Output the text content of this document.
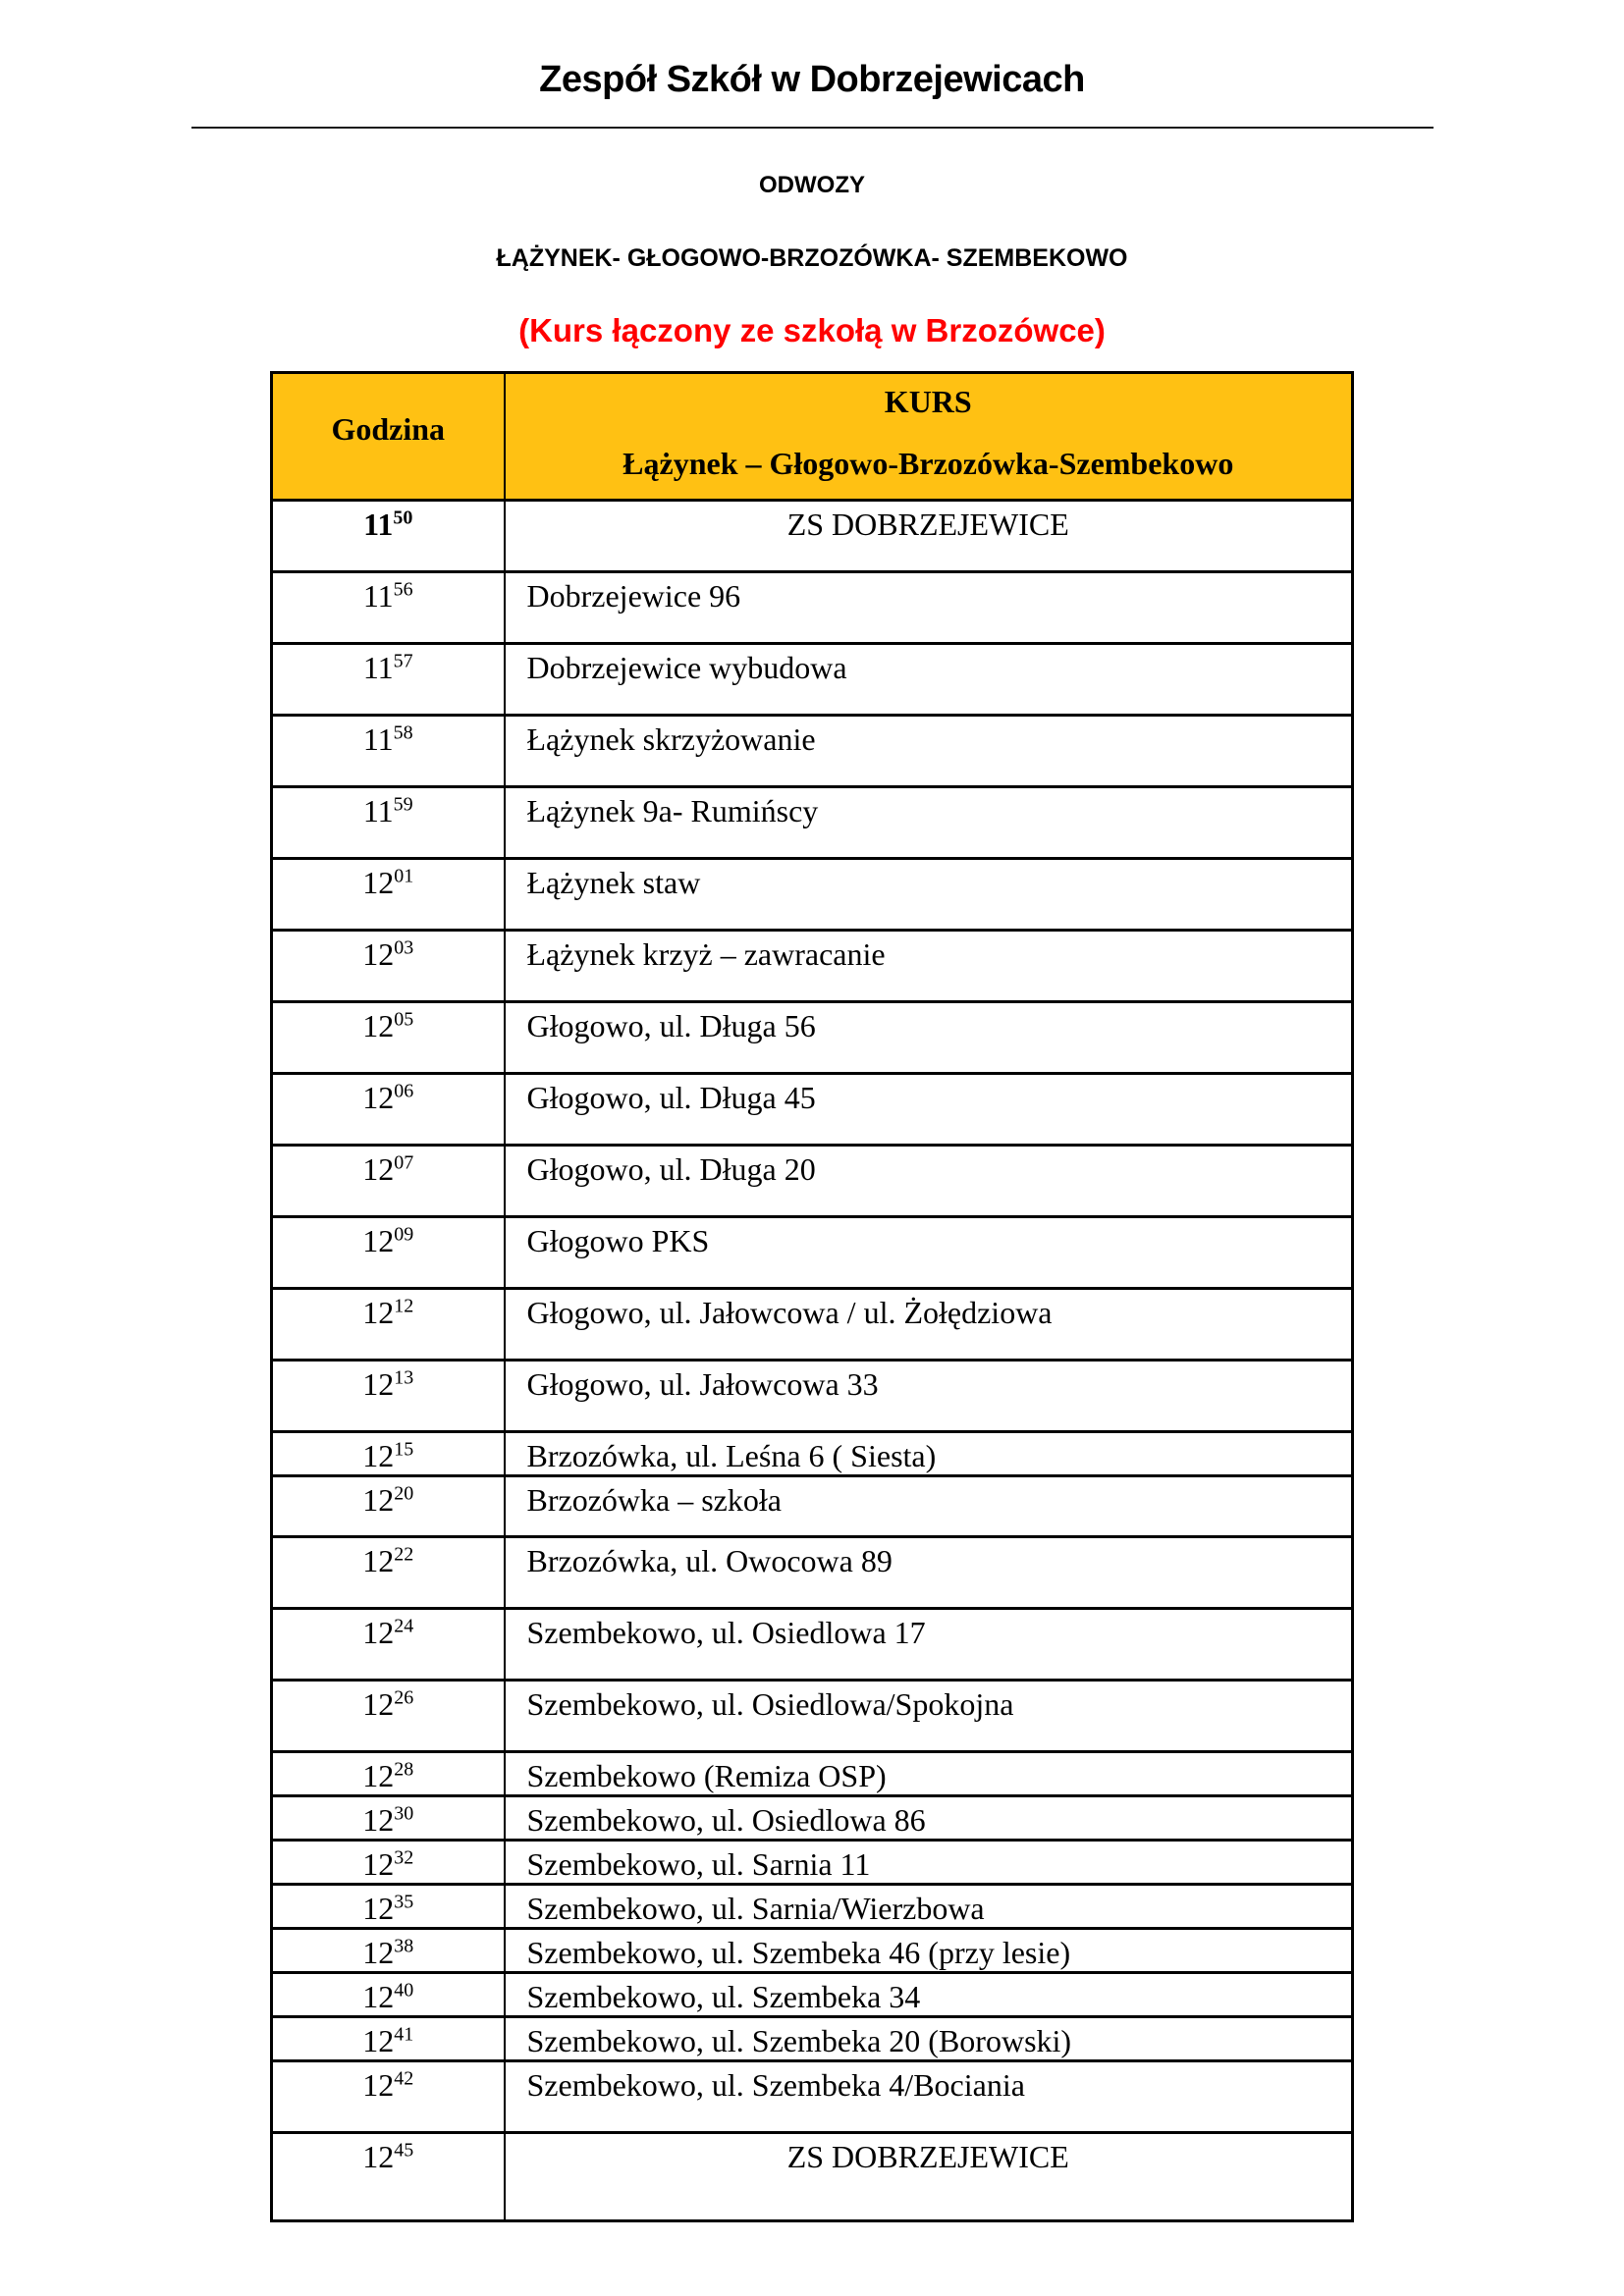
Zespół Szkół w Dobrzejewicach
ODWOZY
ŁĄŻYNEK- GŁOGOWO-BRZOZÓWKA- SZEMBEKOWO
(Kurs łączony ze szkołą w Brzozówce)
Godzina	KURS
Łążynek – Głogowo-Brzozówka-Szembekowo

$11^{50}$	ZS DOBRZEJEWICE
$11^{56}$	Dobrzejewice 96
$11^{57}$	Dobrzejewice wybudowa
$11^{58}$	Łążynek skrzyżowanie
$11^{59}$	Łążynek 9a- Rumińscy
$12^{01}$	Łążynek staw
$12^{03}$	Łążynek krzyż – zawracanie
$12^{05}$	Głogowo, ul. Długa 56
$12^{06}$	Głogowo, ul. Długa 45
$12^{07}$	Głogowo, ul. Długa 20
$12^{09}$	Głogowo PKS
$12^{12}$	Głogowo, ul. Jałowcowa / ul. Żołędziowa
$12^{13}$	Głogowo, ul. Jałowcowa 33
$12^{15}$	Brzozówka, ul. Leśna 6 ( Siesta)
$12^{20}$	Brzozówka – szkoła
$12^{22}$	Brzozówka, ul. Owocowa 89
$12^{24}$	Szembekowo, ul. Osiedlowa 17
$12^{26}$	Szembekowo, ul. Osiedlowa/Spokojna
$12^{28}$	Szembekowo (Remiza OSP)
$12^{30}$	Szembekowo, ul. Osiedlowa 86
$12^{32}$	Szembekowo, ul. Sarnia 11
$12^{35}$	Szembekowo, ul. Sarnia/Wierzbowa
$12^{38}$	Szembekowo, ul. Szembeka 46 (przy lesie)
$12^{40}$	Szembekowo, ul. Szembeka 34
$12^{41}$	Szembekowo, ul. Szembeka 20 (Borowski)
$12^{42}$	Szembekowo, ul. Szembeka 4/Bociania
$12^{45}$	ZS DOBRZEJEWICE
